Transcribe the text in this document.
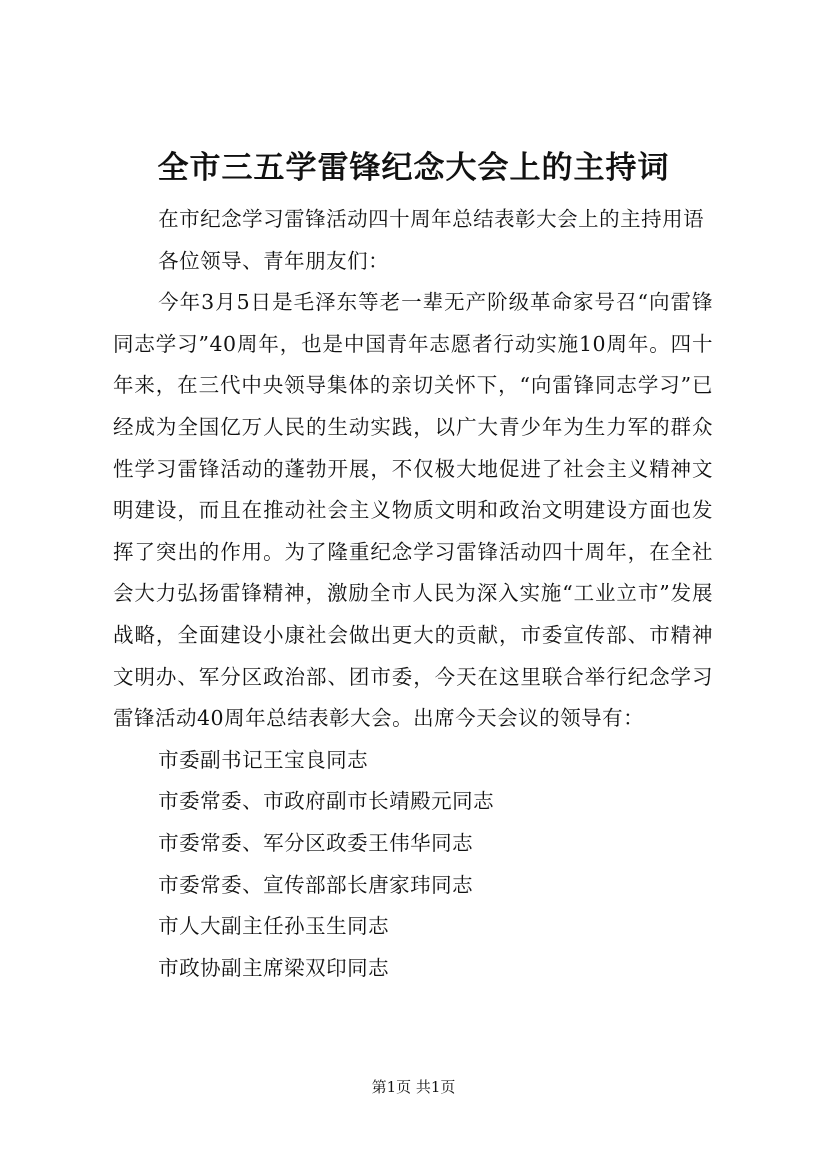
全市三五学雷锋纪念大会上的主持词

在市纪念学习雷锋活动四十周年总结表彰大会上的主持用语

各位领导、青年朋友们：

今年3月5日是毛泽东等老一辈无产阶级革命家号召“向雷锋同志学习”40周年，也是中国青年志愿者行动实施10周年。四十年来，在三代中央领导集体的亲切关怀下，“向雷锋同志学习”已经成为全国亿万人民的生动实践，以广大青少年为生力军的群众性学习雷锋活动的蓬勃开展，不仅极大地促进了社会主义精神文明建设，而且在推动社会主义物质文明和政治文明建设方面也发挥了突出的作用。为了隆重纪念学习雷锋活动四十周年，在全社会大力弘扬雷锋精神，激励全市人民为深入实施“工业立市”发展战略，全面建设小康社会做出更大的贡献，市委宣传部、市精神文明办、军分区政治部、团市委，今天在这里联合举行纪念学习雷锋活动40周年总结表彰大会。出席今天会议的领导有：

市委副书记王宝良同志
市委常委、市政府副市长靖殿元同志
市委常委、军分区政委王伟华同志
市委常委、宣传部部长唐家玮同志
市人大副主任孙玉生同志
市政协副主席梁双印同志
第1页 共1页
